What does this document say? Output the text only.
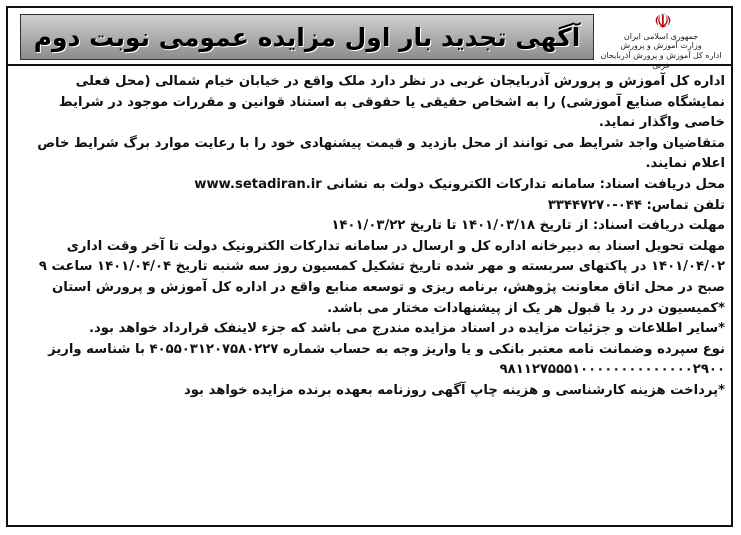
آگهی تجدید بار اول مزایده عمومی نوبت دوم
☫
جمهوری اسلامی ایران
وزارت آموزش و پرورش
اداره کل آموزش و پرورش آذربایجان غربی

اداره کل آموزش و پرورش آذربایجان غربی در نظر دارد ملک واقع در خیابان خیام شمالی (محل فعلی نمایشگاه صنایع آموزشی) را به اشخاص حقیقی یا حقوقی به استناد قوانین و مقررات موجود در شرایط خاصی واگذار نماید.

متقاضیان واجد شرایط می توانند از محل بازدید و قیمت پیشنهادی خود را با رعایت موارد برگ شرایط خاص اعلام نمایند.

محل دریافت اسناد: سامانه تدارکات الکترونیک دولت به نشانی www.setadiran.ir

تلفن تماس: ۰۴۴-۳۳۴۴۷۲۷۰

مهلت دریافت اسناد: از تاریخ ۱۴۰۱/۰۳/۱۸ تا تاریخ ۱۴۰۱/۰۳/۲۲

مهلت تحویل اسناد به دبیرخانه اداره کل و ارسال در سامانه تدارکات الکترونیک دولت تا آخر وقت اداری ۱۴۰۱/۰۴/۰۲ در پاکتهای سربسته و مهر شده تاریخ تشکیل کمسیون روز سه شنبه تاریخ ۱۴۰۱/۰۴/۰۴ ساعت ۹ صبح در محل اتاق معاونت پژوهش، برنامه ریزی و توسعه منابع واقع در اداره کل آموزش و پرورش استان

*کمیسیون در رد یا قبول هر یک از پیشنهادات مختار می باشد.

*سایر اطلاعات و جزئیات مزایده در اسناد مزایده مندرج می باشد که جزء لاینفک قرارداد خواهد بود.

نوع سپرده وضمانت نامه معتبر بانکی و یا واریز وجه به حساب شماره ۴۰۵۵۰۳۱۲۰۷۵۸۰۲۲۷ با شناسه واریز ۹۸۱۱۲۷۵۵۵۱۰۰۰۰۰۰۰۰۰۰۰۰۰۰۲۹۰۰

*پرداخت هزینه کارشناسی و هزینه چاپ آگهی روزنامه بعهده برنده مزایده خواهد بود
